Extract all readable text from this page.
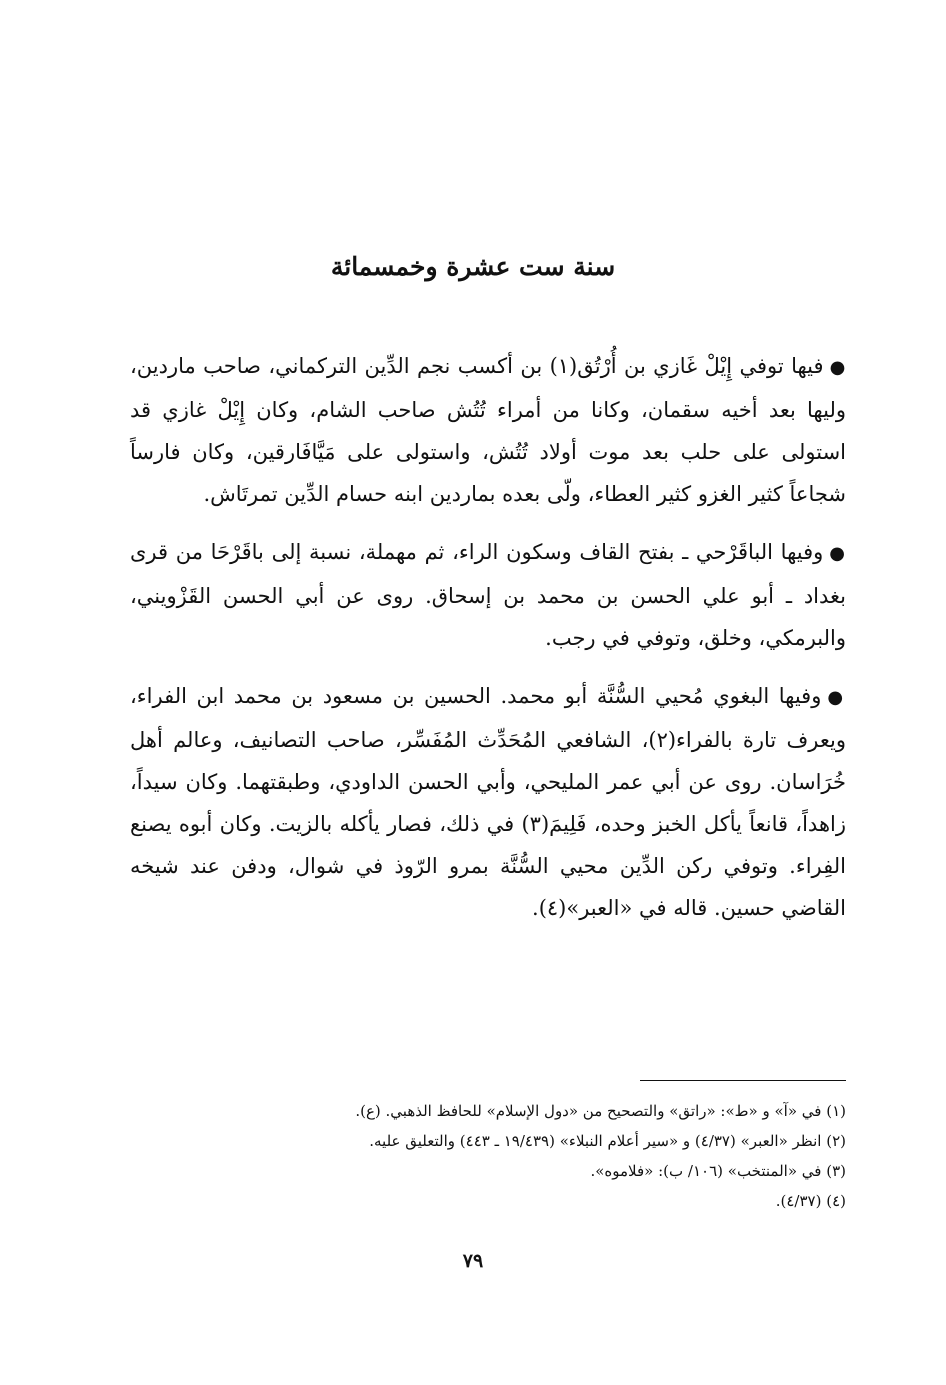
سنة ست عشرة وخمسمائة

●فيها توفي إِيْلْ غَازي بن أُرْتُق(١) بن أكسب نجم الدِّين التركماني، صاحب ماردين، وليها بعد أخيه سقمان، وكانا من أمراء تُتُش صاحب الشام، وكان إِيْلْ غازي قد استولى على حلب بعد موت أولاد تُتُش، واستولى على مَيَّافَارقين، وكان فارساً شجاعاً كثير الغزو كثير العطاء، ولّى بعده بماردين ابنه حسام الدِّين تمرتَاش.

●وفيها الباقَرْحي ـ بفتح القاف وسكون الراء، ثم مهملة، نسبة إلى باقَرْحَا من قرى بغداد ـ أبو علي الحسن بن محمد بن إسحاق. روى عن أبي الحسن القَزْويني، والبرمكي، وخلق، وتوفي في رجب.

●وفيها البغوي مُحيي السُّنَّة أبو محمد. الحسين بن مسعود بن محمد ابن الفراء، ويعرف تارة بالفراء(٢)، الشافعي المُحَدِّث المُفَسِّر، صاحب التصانيف، وعالم أهل خُرَاسان. روى عن أبي عمر المليحي، وأبي الحسن الداودي، وطبقتهما. وكان سيداً، زاهداً، قانعاً يأكل الخبز وحده، فَلِيمَ(٣) في ذلك، فصار يأكله بالزيت. وكان أبوه يصنع الفِراء. وتوفي ركن الدِّين محيي السُّنَّة بمرو الرّوذ في شوال، ودفن عند شيخه القاضي حسين. قاله في «العبر»(٤).

(١) في «آ» و «ط»: «راتق» والتصحيح من «دول الإسلام» للحافظ الذهبي. (ع).

(٢) انظر «العبر» (٤/٣٧) و «سير أعلام النبلاء» (١٩/٤٣٩ ـ ٤٤٣) والتعليق عليه.

(٣) في «المنتخب» (١٠٦/ ب): «فلاموه».

(٤) (٤/٣٧).

٧٩
